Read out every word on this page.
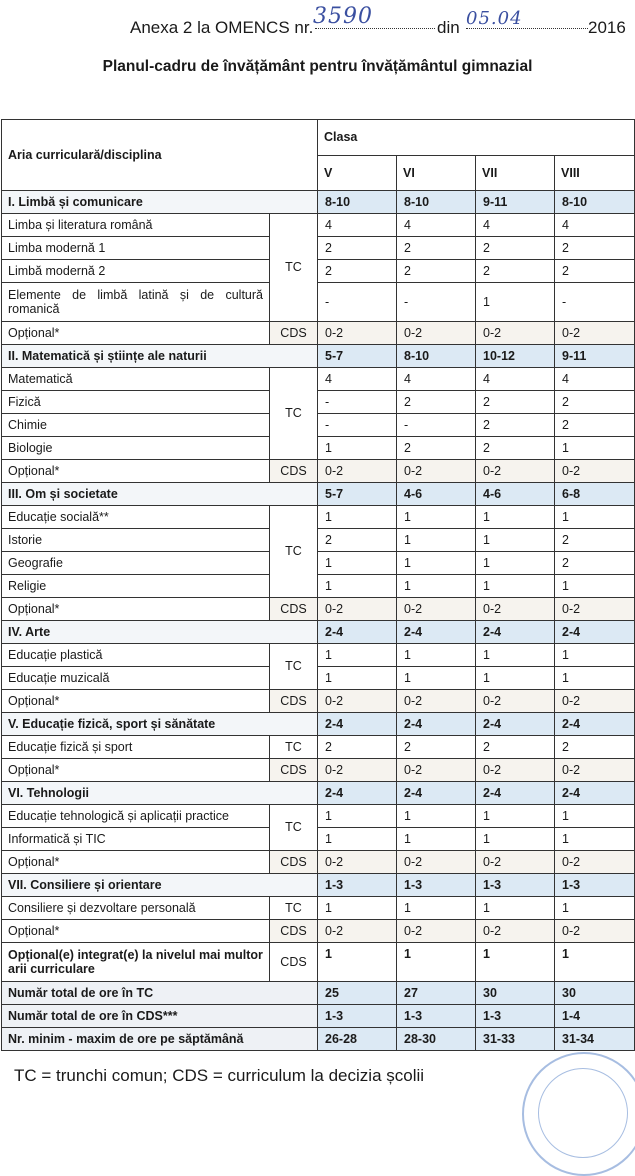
Anexa 2 la OMENCS nr. 3590	din 05.04	2016
Planul-cadru de învățământ pentru învățământul gimnazial
Aria curriculară/disciplina		Clasa			
		V	VI	VII	VIII
I. Limbă și comunicare		8-10	8-10	9-11	8-10
Limba și literatura română	TC	4	4	4	4
Limba modernă 1		2	2	2	2
Limbă modernă 2		2	2	2	2
Elemente de limbă latină și de cultură romanică		-	-	1	-
Opțional*	CDS	0-2	0-2	0-2	0-2
II. Matematică și științe ale naturii		5-7	8-10	10-12	9-11
Matematică	TC	4	4	4	4
Fizică		-	2	2	2
Chimie		-	-	2	2
Biologie		1	2	2	1
Opțional*	CDS	0-2	0-2	0-2	0-2
III. Om și societate		5-7	4-6	4-6	6-8
Educație socială**	TC	1	1	1	1
Istorie		2	1	1	2
Geografie		1	1	1	2
Religie		1	1	1	1
Opțional*	CDS	0-2	0-2	0-2	0-2
IV. Arte		2-4	2-4	2-4	2-4
Educație plastică	TC	1	1	1	1
Educație muzicală		1	1	1	1
Opțional*	CDS	0-2	0-2	0-2	0-2
V. Educație fizică, sport și sănătate		2-4	2-4	2-4	2-4
Educație fizică și sport	TC	2	2	2	2
Opțional*	CDS	0-2	0-2	0-2	0-2
VI. Tehnologii		2-4	2-4	2-4	2-4
Educație tehnologică și aplicații practice	TC	1	1	1	1
Informatică și TIC		1	1	1	1
Opțional*	CDS	0-2	0-2	0-2	0-2
VII. Consiliere și orientare		1-3	1-3	1-3	1-3
Consiliere și dezvoltare personală	TC	1	1	1	1
Opțional*	CDS	0-2	0-2	0-2	0-2
Opțional(e) integrat(e) la nivelul mai multor arii curriculare	CDS	1	1	1	1
Număr total de ore în TC		25	27	30	30
Număr total de ore în CDS***		1-3	1-3	1-3	1-4
Nr. minim - maxim de ore pe săptămână		26-28	28-30	31-33	31-34
TC = trunchi comun; CDS = curriculum la decizia școlii
